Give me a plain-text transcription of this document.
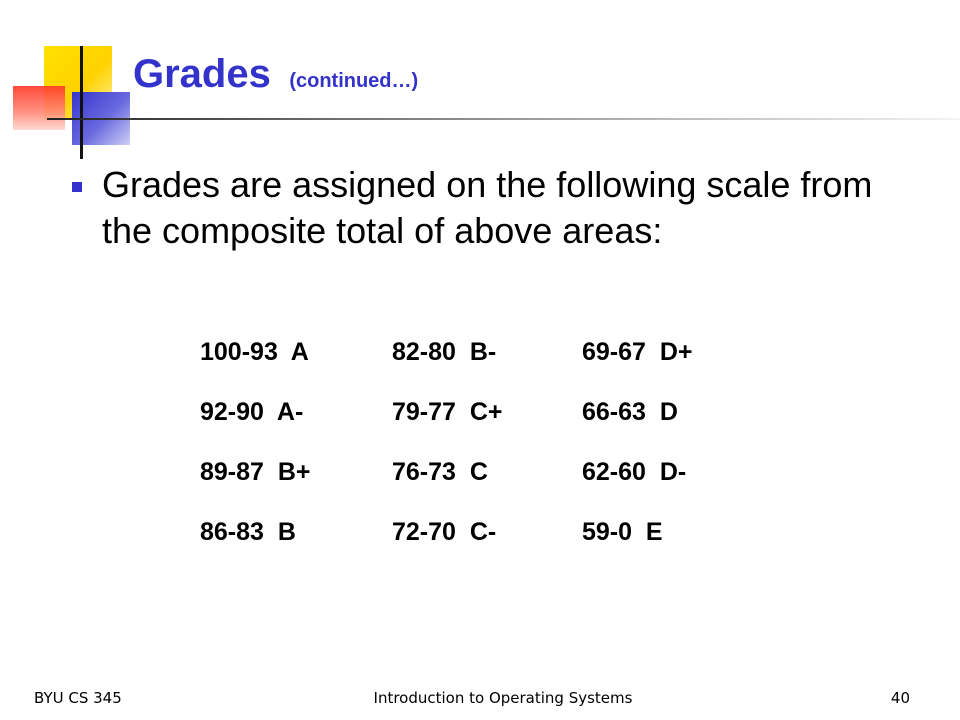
Grades (continued…)
Grades are assigned on the following scale from the composite total of above areas:
100-93  A	82-80  B-	69-67  D+
92-90  A-	79-77  C+	66-63  D
89-87  B+	76-73  C	62-60  D-
86-83  B	72-70  C-	59-0  E
BYU CS 345	Introduction to Operating Systems	40
